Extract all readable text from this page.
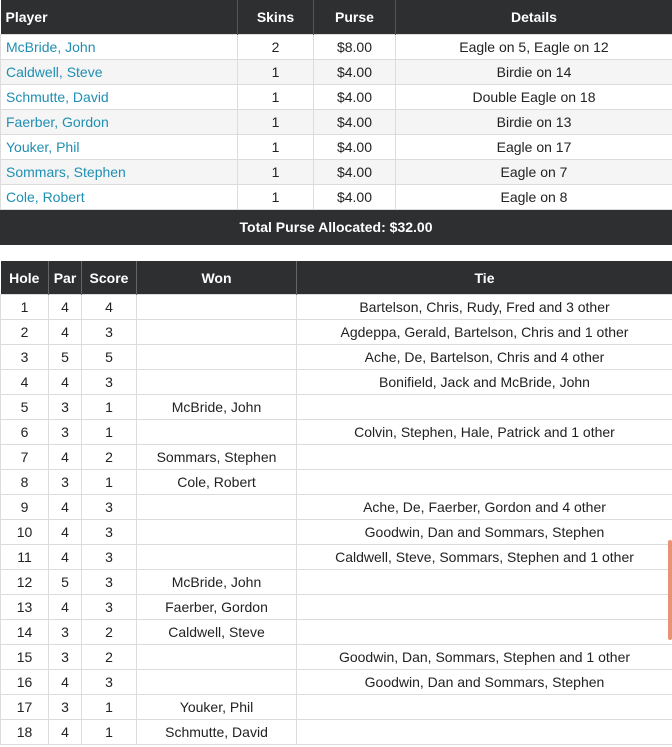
Player	Skins	Purse	Details
McBride, John	2	$8.00	Eagle on 5, Eagle on 12
Caldwell, Steve	1	$4.00	Birdie on 14
Schmutte, David	1	$4.00	Double Eagle on 18
Faerber, Gordon	1	$4.00	Birdie on 13
Youker, Phil	1	$4.00	Eagle on 17
Sommars, Stephen	1	$4.00	Eagle on 7
Cole, Robert	1	$4.00	Eagle on 8
Total Purse Allocated: $32.00
Hole	Par	Score	Won	Tie
1	4	4		Bartelson, Chris, Rudy, Fred and 3 other
2	4	3		Agdeppa, Gerald, Bartelson, Chris and 1 other
3	5	5		Ache, De, Bartelson, Chris and 4 other
4	4	3		Bonifield, Jack and McBride, John
5	3	1	McBride, John	
6	3	1		Colvin, Stephen, Hale, Patrick and 1 other
7	4	2	Sommars, Stephen	
8	3	1	Cole, Robert	
9	4	3		Ache, De, Faerber, Gordon and 4 other
10	4	3		Goodwin, Dan and Sommars, Stephen
11	4	3		Caldwell, Steve, Sommars, Stephen and 1 other
12	5	3	McBride, John	
13	4	3	Faerber, Gordon	
14	3	2	Caldwell, Steve	
15	3	2		Goodwin, Dan, Sommars, Stephen and 1 other
16	4	3		Goodwin, Dan and Sommars, Stephen
17	3	1	Youker, Phil	
18	4	1	Schmutte, David	
